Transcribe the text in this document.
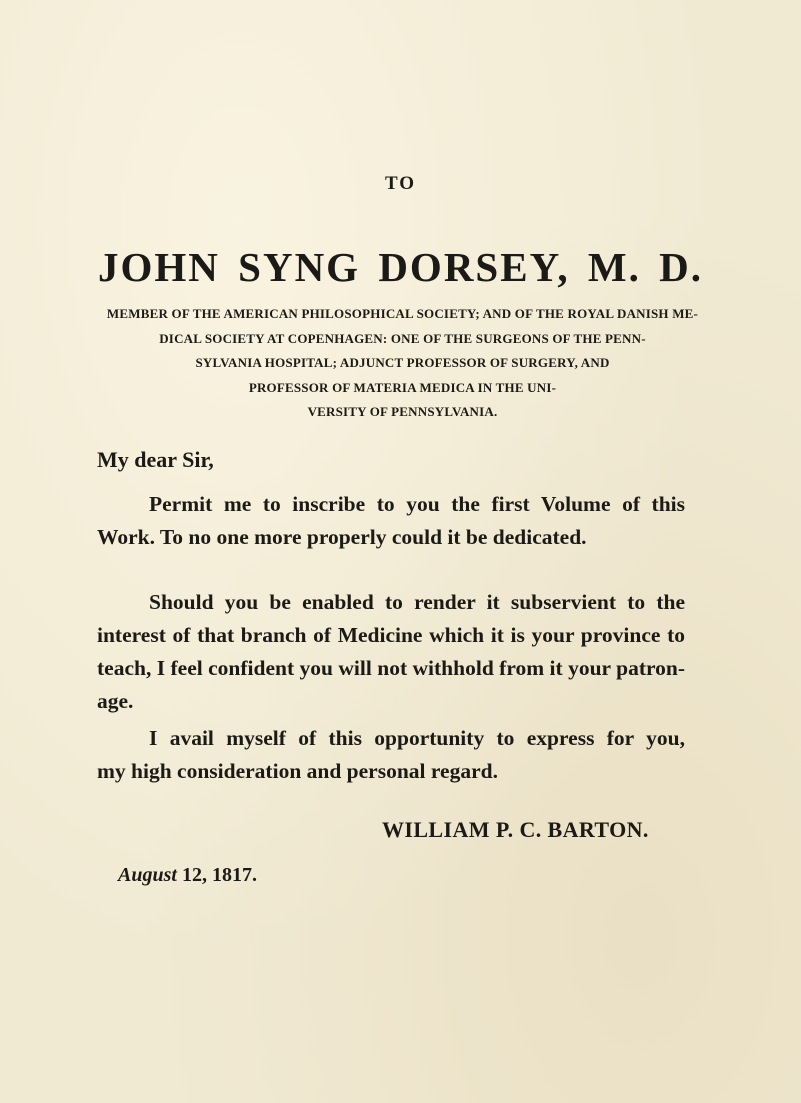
TO
JOHN SYNG DORSEY, M. D.
MEMBER OF THE AMERICAN PHILOSOPHICAL SOCIETY; AND OF THE ROYAL DANISH ME-
DICAL SOCIETY AT COPENHAGEN: ONE OF THE SURGEONS OF THE PENN-
SYLVANIA HOSPITAL; ADJUNCT PROFESSOR OF SURGERY, AND
PROFESSOR OF MATERIA MEDICA IN THE UNI-
VERSITY OF PENNSYLVANIA.
My dear Sir,
Permit me to inscribe to you the first Volume of this
Work. To no one more properly could it be dedicated.
Should you be enabled to render it subservient to the
interest of that branch of Medicine which it is your province to
teach, I feel confident you will not withhold from it your patron-
age.
I avail myself of this opportunity to express for you,
my high consideration and personal regard.
WILLIAM P. C. BARTON.
August 12, 1817.
